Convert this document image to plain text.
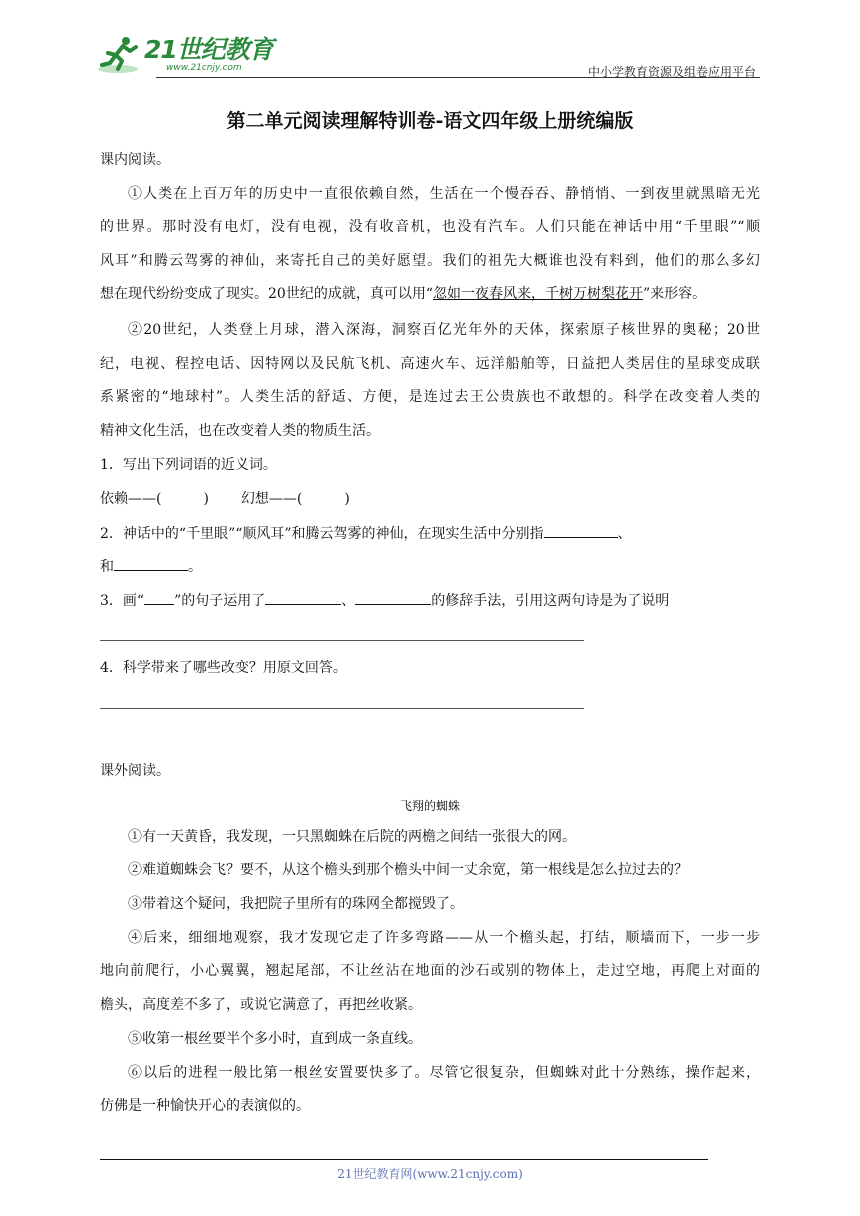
21世纪教育
www.21cnjy.com	中小学教育资源及组卷应用平台
第二单元阅读理解特训卷-语文四年级上册统编版
课内阅读。
①人类在上百万年的历史中一直很依赖自然，生活在一个慢吞吞、静悄悄、一到夜里就黑暗无光
的世界。那时没有电灯，没有电视，没有收音机，也没有汽车。人们只能在神话中用“千里眼”“顺
风耳”和腾云驾雾的神仙，来寄托自己的美好愿望。我们的祖先大概谁也没有料到，他们的那么多幻
想在现代纷纷变成了现实。20世纪的成就，真可以用“忽如一夜春风来，千树万树梨花开”来形容。
②20世纪，人类登上月球，潜入深海，洞察百亿光年外的天体，探索原子核世界的奥秘；20世
纪，电视、程控电话、因特网以及民航飞机、高速火车、远洋船舶等，日益把人类居住的星球变成联
系紧密的“地球村”。人类生活的舒适、方便，是连过去王公贵族也不敢想的。科学在改变着人类的
精神文化生活，也在改变着人类的物质生活。
1．写出下列词语的近义词。
依赖——(	) 幻想——(	)
2．神话中的“千里眼”“顺风耳”和腾云驾雾的神仙，在现实生活中分别指	、
和	。
3．画“ ”的句子运用了	、	的修辞手法，引用这两句诗是为了说明
4．科学带来了哪些改变？用原文回答。
课外阅读。
飞翔的蜘蛛
①有一天黄昏，我发现，一只黑蜘蛛在后院的两檐之间结一张很大的网。
②难道蜘蛛会飞？要不，从这个檐头到那个檐头中间一丈余宽，第一根线是怎么拉过去的？
③带着这个疑问，我把院子里所有的珠网全都搅毁了。
④后来，细细地观察，我才发现它走了许多弯路——从一个檐头起，打结，顺墙而下，一步一步
地向前爬行，小心翼翼，翘起尾部，不让丝沾在地面的沙石或别的物体上，走过空地，再爬上对面的
檐头，高度差不多了，或说它满意了，再把丝收紧。
⑤收第一根丝要半个多小时，直到成一条直线。
⑥以后的进程一般比第一根丝安置要快多了。尽管它很复杂，但蜘蛛对此十分熟练，操作起来，
仿佛是一种愉快开心的表演似的。
21世纪教育网(www.21cnjy.com)
